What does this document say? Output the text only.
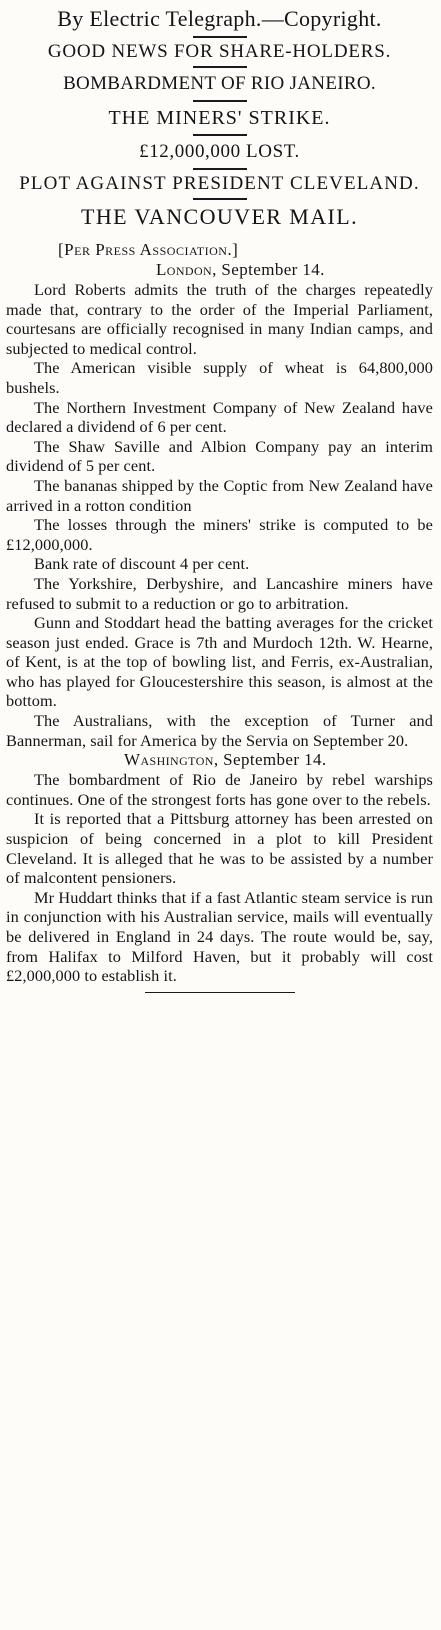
By Electric Telegraph.—Copyright.
GOOD NEWS FOR SHARE-HOLDERS.
BOMBARDMENT OF RIO JANEIRO.
THE MINERS' STRIKE.
£12,000,000 LOST.
PLOT AGAINST PRESIDENT CLEVELAND.
THE VANCOUVER MAIL.
[Per Press Association.]
London, September 14.

Lord Roberts admits the truth of the charges repeatedly made that, contrary to the order of the Imperial Parliament, courtesans are officially recognised in many Indian camps, and subjected to medical control.

The American visible supply of wheat is 64,800,000 bushels.

The Northern Investment Company of New Zealand have declared a dividend of 6 per cent.

The Shaw Saville and Albion Company pay an interim dividend of 5 per cent.

The bananas shipped by the Coptic from New Zealand have arrived in a rotton condition

The losses through the miners' strike is computed to be £12,000,000.

Bank rate of discount 4 per cent.

The Yorkshire, Derbyshire, and Lancashire miners have refused to submit to a reduction or go to arbitration.

Gunn and Stoddart head the batting averages for the cricket season just ended. Grace is 7th and Murdoch 12th. W. Hearne, of Kent, is at the top of bowling list, and Ferris, ex-Australian, who has played for Gloucestershire this season, is almost at the bottom.

The Australians, with the exception of Turner and Bannerman, sail for America by the Servia on September 20.

Washington, September 14.

The bombardment of Rio de Janeiro by rebel warships continues. One of the strongest forts has gone over to the rebels.

It is reported that a Pittsburg attorney has been arrested on suspicion of being concerned in a plot to kill President Cleveland. It is alleged that he was to be assisted by a number of malcontent pensioners.

Mr Huddart thinks that if a fast Atlantic steam service is run in conjunction with his Australian service, mails will eventually be delivered in England in 24 days. The route would be, say, from Halifax to Milford Haven, but it probably will cost £2,000,000 to establish it.
